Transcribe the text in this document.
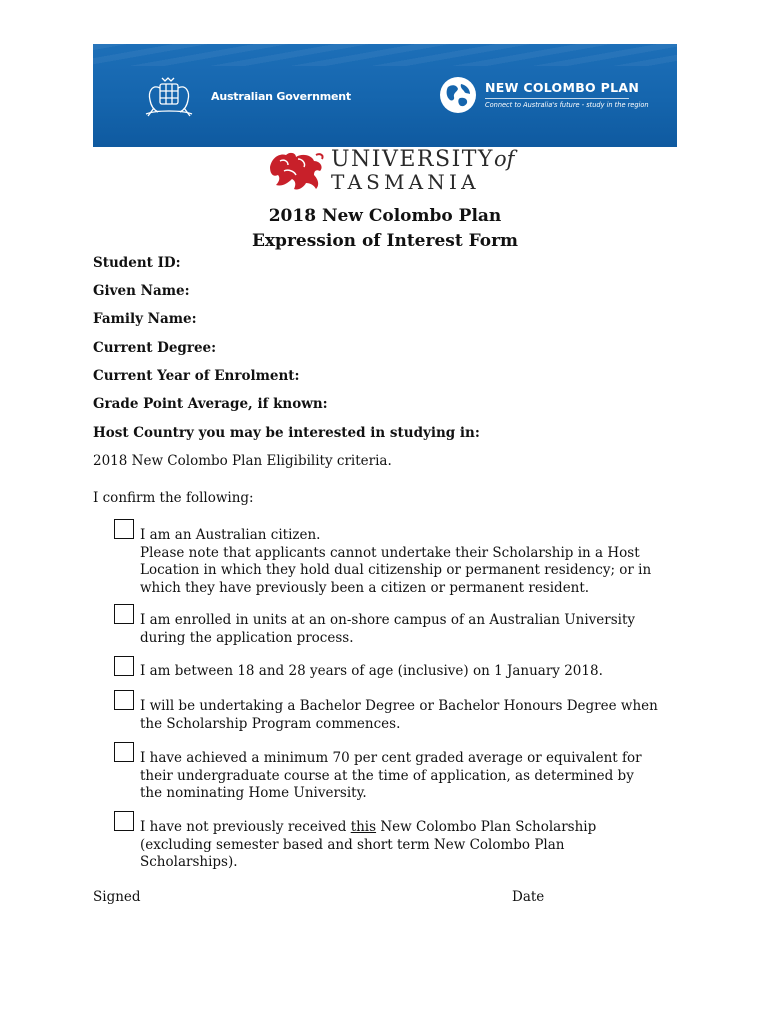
Australian Government
NEW COLOMBO PLAN
Connect to Australia's future - study in the region
UNIVERSITYof
TASMANIA
2018 New Colombo Plan
Expression of Interest Form
Student ID:
Given Name:
Family Name:
Current Degree:
Current Year of Enrolment:
Grade Point Average, if known:
Host Country you may be interested in studying in:
2018 New Colombo Plan Eligibility criteria.
I confirm the following:
I am an Australian citizen.
Please note that applicants cannot undertake their Scholarship in a Host
Location in which they hold dual citizenship or permanent residency; or in
which they have previously been a citizen or permanent resident.
I am enrolled in units at an on-shore campus of an Australian University
during the application process.
I am between 18 and 28 years of age (inclusive) on 1 January 2018.
I will be undertaking a Bachelor Degree or Bachelor Honours Degree when
the Scholarship Program commences.
I have achieved a minimum 70 per cent graded average or equivalent for
their undergraduate course at the time of application, as determined by
the nominating Home University.
I have not previously received this New Colombo Plan Scholarship
(excluding semester based and short term New Colombo Plan
Scholarships).
Signed	Date
